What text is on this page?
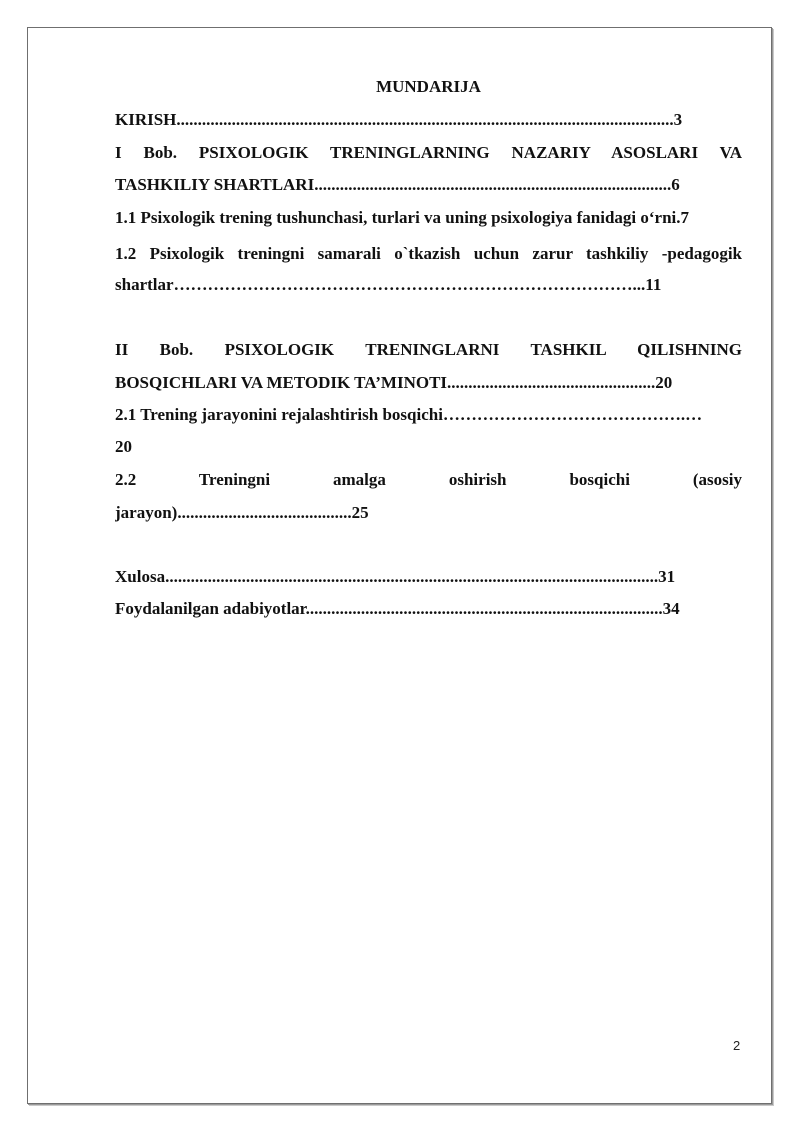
MUNDARIJA
KIRISH.....................................................................................................................3
I Bob. PSIXOLOGIK TRENINGLARNING NAZARIY ASOSLARI VA
TASHKILIY SHARTLARI....................................................................................6
1.1 Psixologik trening tushunchasi, turlari va uning psixologiya fanidagi o‘rni.7
1.2 Psixologik treningni samarali o`tkazish uchun zarur tashkiliy -pedagogik
shartlar………………………………………………………………………...11
II Bob. PSIXOLOGIK TRENINGLARNI TASHKIL QILISHNING
BOSQICHLARI VA METODIK TA’MINOTI.................................................20
2.1 Trening jarayonini rejalashtirish bosqichi…………………………………….…
20
2.2 Treningni amalga oshirish bosqichi (asosiy
jarayon).........................................25
Xulosa....................................................................................................................31
Foydalanilgan adabiyotlar....................................................................................34
2
